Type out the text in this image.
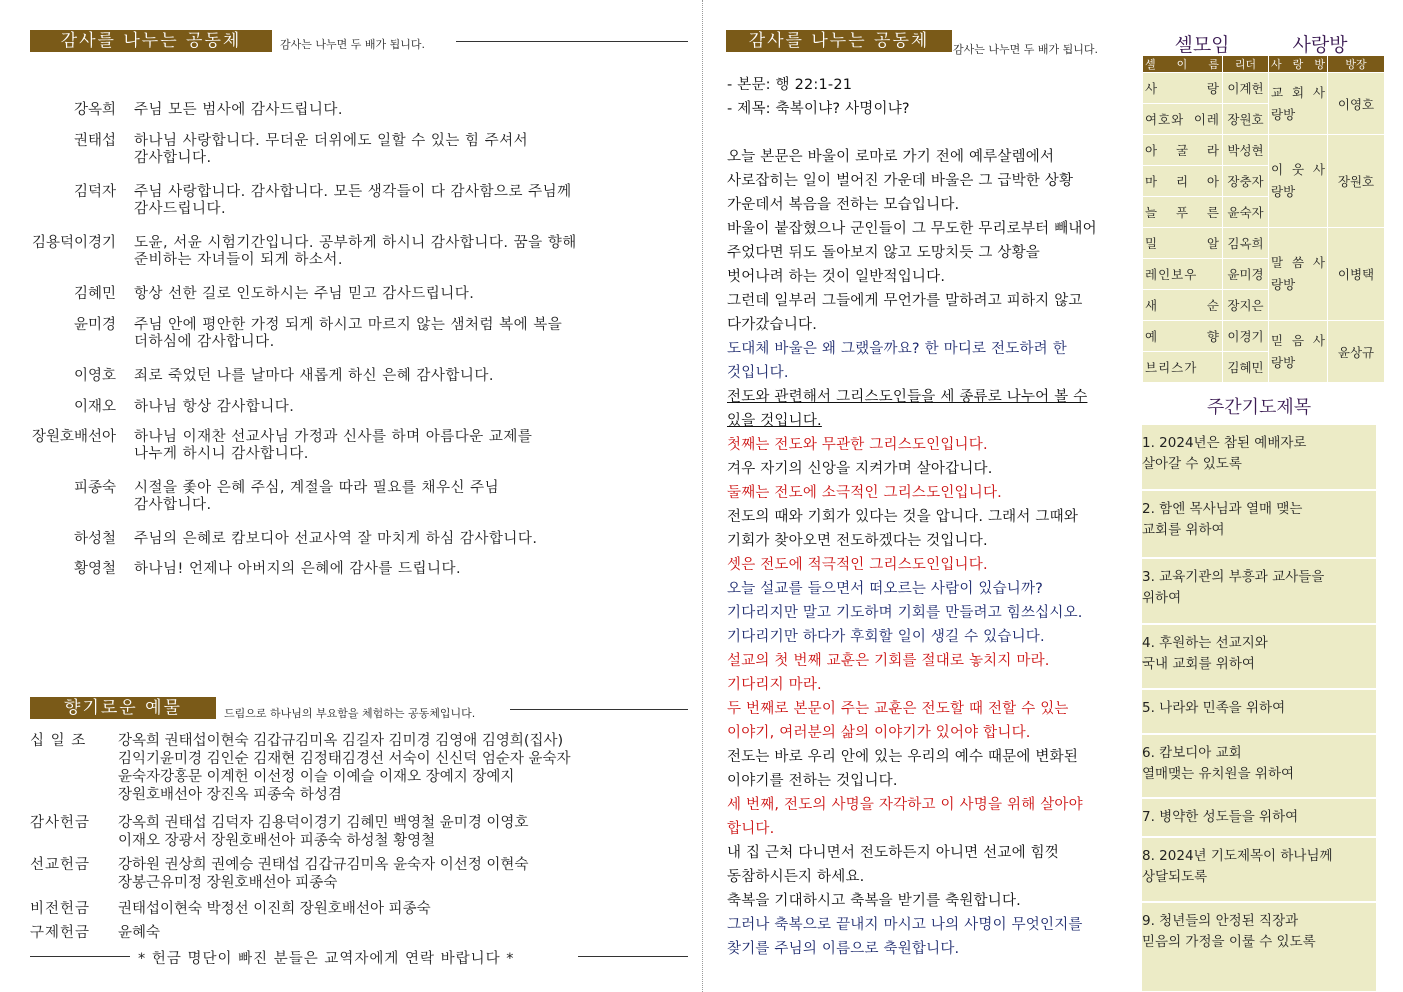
감사를 나누는 공동체	감사는 나누면 두 배가 됩니다.
강옥희	주님 모든 범사에 감사드립니다.
권태섭	하나님 사랑합니다. 무더운 더위에도 일할 수 있는 힘 주셔서
감사합니다.
김덕자	주님 사랑합니다. 감사합니다. 모든 생각들이 다 감사함으로 주님께
감사드립니다.
김용덕이경기	도윤, 서윤 시험기간입니다. 공부하게 하시니 감사합니다. 꿈을 향해
준비하는 자녀들이 되게 하소서.
김혜민	항상 선한 길로 인도하시는 주님 믿고 감사드립니다.
윤미경	주님 안에 평안한 가정 되게 하시고 마르지 않는 샘처럼 복에 복을
더하심에 감사합니다.
이영호	죄로 죽었던 나를 날마다 새롭게 하신 은혜 감사합니다.
이재오	하나님 항상 감사합니다.
장원호배선아	하나님 이재찬 선교사님 가정과 신사를 하며 아름다운 교제를
나누게 하시니 감사합니다.
피종숙	시절을 좇아 은혜 주심, 계절을 따라 필요를 채우신 주님
감사합니다.
하성철	주님의 은혜로 캄보디아 선교사역 잘 마치게 하심 감사합니다.
황영철	하나님! 언제나 아버지의 은혜에 감사를 드립니다.
향기로운 예물	드림으로 하나님의 부요함을 체험하는 공동체입니다.
십 일 조	강옥희 권태섭이현숙 김갑규김미옥 김길자 김미경 김영애 김영희(집사)
김익기윤미경 김인순 김재현 김정태김경선 서숙이 신신덕 엄순자 윤숙자
윤숙자강홍문 이계헌 이선정 이슬 이예슬 이재오 장예지 장예지
장원호배선아 장진옥 피종숙 하성겸
감사헌금	강옥희 권태섭 김덕자 김용덕이경기 김혜민 백영철 윤미경 이영호
이재오 장광서 장원호배선아 피종숙 하성철 황영철
선교헌금	강하원 권상희 권예승 권태섭 김갑규김미옥 윤숙자 이선정 이현숙
장봉근유미정 장원호배선아 피종숙
비전헌금	권태섭이현숙 박정선 이진희 장원호배선아 피종숙
구제헌금	윤혜숙
* 헌금 명단이 빠진 분들은 교역자에게 연락 바랍니다 *
감사를 나누는 공동체	감사는 나누면 두 배가 됩니다.
- 본문: 행 22:1-21
- 제목: 축복이냐? 사명이냐?
오늘 본문은 바울이 로마로 가기 전에 예루살렘에서
사로잡히는 일이 벌어진 가운데 바울은 그 급박한 상황
가운데서 복음을 전하는 모습입니다.
바울이 붙잡혔으나 군인들이 그 무도한 무리로부터 빼내어
주었다면 뒤도 돌아보지 않고 도망치듯 그 상황을
벗어나려 하는 것이 일반적입니다.
그런데 일부러 그들에게 무언가를 말하려고 피하지 않고
다가갔습니다.
도대체 바울은 왜 그랬을까요? 한 마디로 전도하려 한
것입니다.
전도와 관련해서 그리스도인들을 세 종류로 나누어 볼 수
있을 것입니다.
첫째는 전도와 무관한 그리스도인입니다.
겨우 자기의 신앙을 지켜가며 살아갑니다.
둘째는 전도에 소극적인 그리스도인입니다.
전도의 때와 기회가 있다는 것을 압니다. 그래서 그때와
기회가 찾아오면 전도하겠다는 것입니다.
셋은 전도에 적극적인 그리스도인입니다.
오늘 설교를 들으면서 떠오르는 사람이 있습니까?
기다리지만 말고 기도하며 기회를 만들려고 힘쓰십시오.
기다리기만 하다가 후회할 일이 생길 수 있습니다.
설교의 첫 번째 교훈은 기회를 절대로 놓치지 마라.
기다리지 마라.
두 번째로 본문이 주는 교훈은 전도할 때 전할 수 있는
이야기, 여러분의 삶의 이야기가 있어야 합니다.
전도는 바로 우리 안에 있는 우리의 예수 때문에 변화된
이야기를 전하는 것입니다.
세 번째, 전도의 사명을 자각하고 이 사명을 위해 살아야
합니다.
내 집 근처 다니면서 전도하든지 아니면 선교에 힘껏
동참하시든지 하세요.
축복을 기대하시고 축복을 받기를 축원합니다.
그러나 축복으로 끝내지 마시고 나의 사명이 무엇인지를
찾기를 주님의 이름으로 축원합니다.
셀모임	사랑방
셀 이 름	리더	사 랑 방	방장
사 랑	이계헌	교 회 사랑방	이영호
여호와 이레	장원호		
아 굴 라	박성현	이 웃 사랑방	장원호
마 리 아	장충자		
늘 푸 른	윤숙자		
밀 알	김옥희	말 씀 사랑방	이병택
레인보우	윤미경		
새 순	장지은		
예 향	이경기	믿 음 사랑방	윤상규
브리스가	김혜민		
주간기도제목
1. 2024년은 참된 예배자로
살아갈 수 있도록
2. 함엔 목사님과 열매 맺는
교회를 위하여
3. 교육기관의 부흥과 교사들을
위하여
4. 후원하는 선교지와
국내 교회를 위하여
5. 나라와 민족을 위하여
6. 캄보디아 교회
열매맺는 유치원을 위하여
7. 병약한 성도들을 위하여
8. 2024년 기도제목이 하나님께
상달되도록
9. 청년들의 안정된 직장과
믿음의 가정을 이룰 수 있도록
